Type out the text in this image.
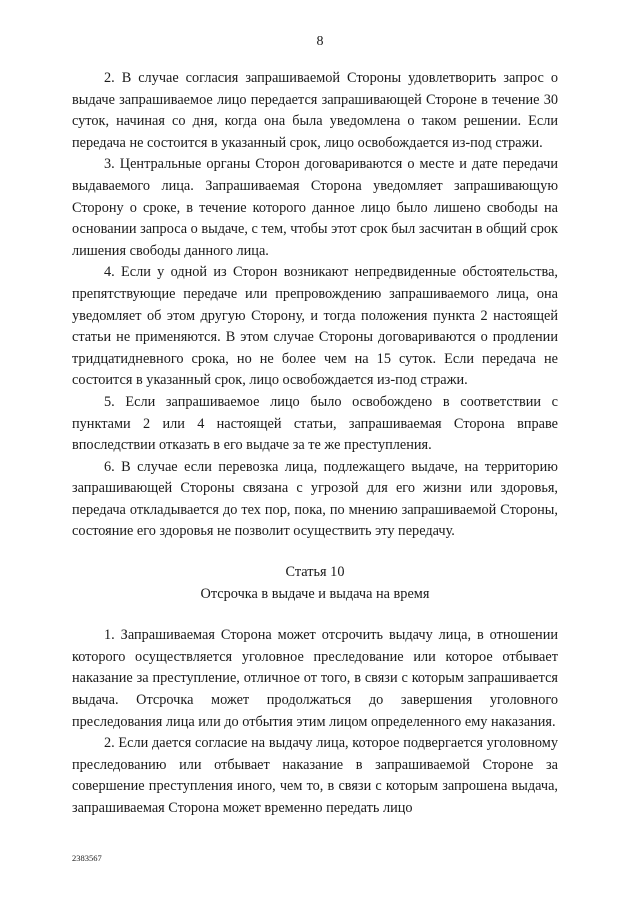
8

2. В случае согласия запрашиваемой Стороны удовлетворить запрос о выдаче запрашиваемое лицо передается запрашивающей Стороне в течение 30 суток, начиная со дня, когда она была уведомлена о таком решении. Если передача не состоится в указанный срок, лицо освобождается из-под стражи.

3. Центральные органы Сторон договариваются о месте и дате передачи выдаваемого лица. Запрашиваемая Сторона уведомляет запрашивающую Сторону о сроке, в течение которого данное лицо было лишено свободы на основании запроса о выдаче, с тем, чтобы этот срок был засчитан в общий срок лишения свободы данного лица.

4. Если у одной из Сторон возникают непредвиденные обстоятельства, препятствующие передаче или препровождению запрашиваемого лица, она уведомляет об этом другую Сторону, и тогда положения пункта 2 настоящей статьи не применяются. В этом случае Стороны договариваются о продлении тридцатидневного срока, но не более чем на 15 суток. Если передача не состоится в указанный срок, лицо освобождается из-под стражи.

5. Если запрашиваемое лицо было освобождено в соответствии с пунктами 2 или 4 настоящей статьи, запрашиваемая Сторона вправе впоследствии отказать в его выдаче за те же преступления.

6. В случае если перевозка лица, подлежащего выдаче, на территорию запрашивающей Стороны связана с угрозой для его жизни или здоровья, передача откладывается до тех пор, пока, по мнению запрашиваемой Стороны, состояние его здоровья не позволит осуществить эту передачу.

Статья 10

Отсрочка в выдаче и выдача на время

1. Запрашиваемая Сторона может отсрочить выдачу лица, в отношении которого осуществляется уголовное преследование или которое отбывает наказание за преступление, отличное от того, в связи с которым запрашивается выдача. Отсрочка может продолжаться до завершения уголовного преследования лица или до отбытия этим лицом определенного ему наказания.

2. Если дается согласие на выдачу лица, которое подвергается уголовному преследованию или отбывает наказание в запрашиваемой Стороне за совершение преступления иного, чем то, в связи с которым запрошена выдача, запрашиваемая Сторона может временно передать лицо

2383567
